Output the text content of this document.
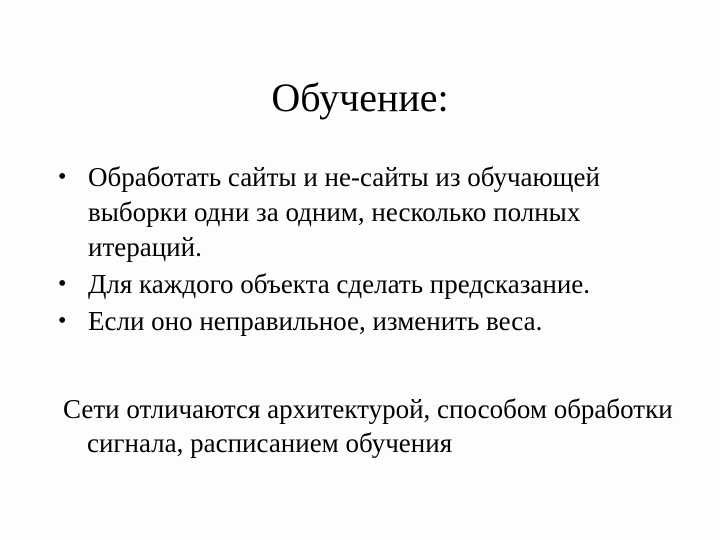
Обучение:
• Обработать сайты и не-сайты из обучающей выборки одни за одним, несколько полных итераций.
• Для каждого объекта сделать предсказание.
• Если оно неправильное, изменить веса.
Сети отличаются архитектурой, способом обработки сигнала, расписанием обучения
